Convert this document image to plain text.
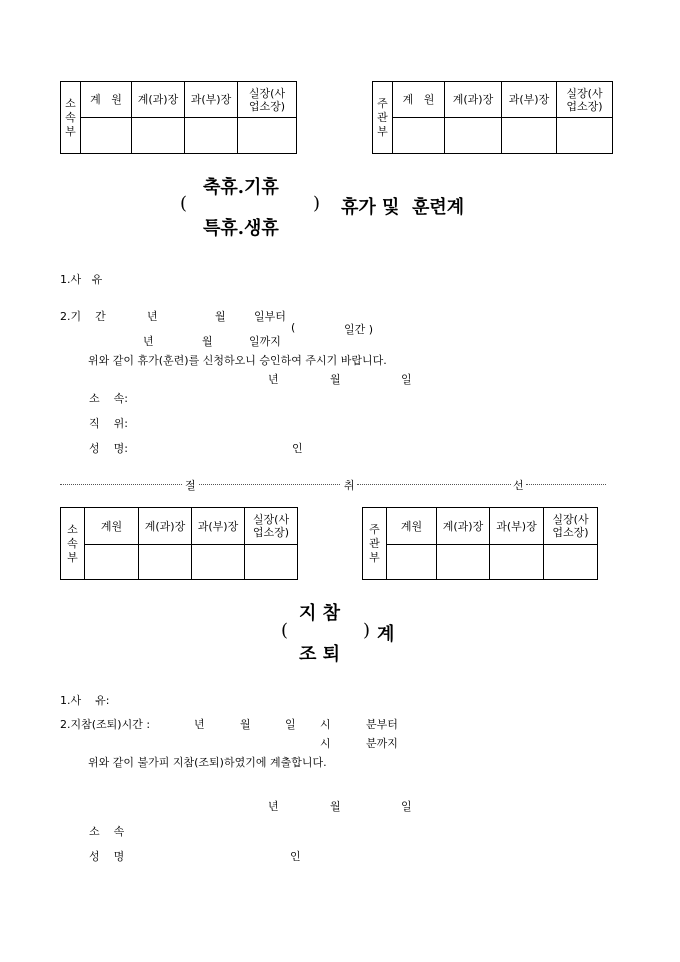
소
속
부	계   원	계(과)장	과(부)장	실장(사
업소장)
				주
관
부	계   원	계(과)장	과(부)장	실장(사
업소장)

축휴.기휴
(	) 휴가 및  훈련계
특휴.생휴
1.사   유
2.기    간	년	월	일부터
년	월	일까지
(	일간 )
위와 같이 휴가(훈련)를 신청하오니 승인하여 주시기 바랍니다.
년	월	일
소    속:
직    위:
성    명:	인
절	취	선
소
속
부	계원	계(과)장	과(부)장	실장(사
업소장)
				주
관
부	계원	계(과)장	과(부)장	실장(사
업소장)

지 참
(	) 계
조 퇴
1.사    유:
2.지참(조퇴)시간 :	년	월	일 시	분부터
시	분까지
위와 같이 불가피 지참(조퇴)하였기에 계출합니다.
년	월	일
소    속
성    명	인
